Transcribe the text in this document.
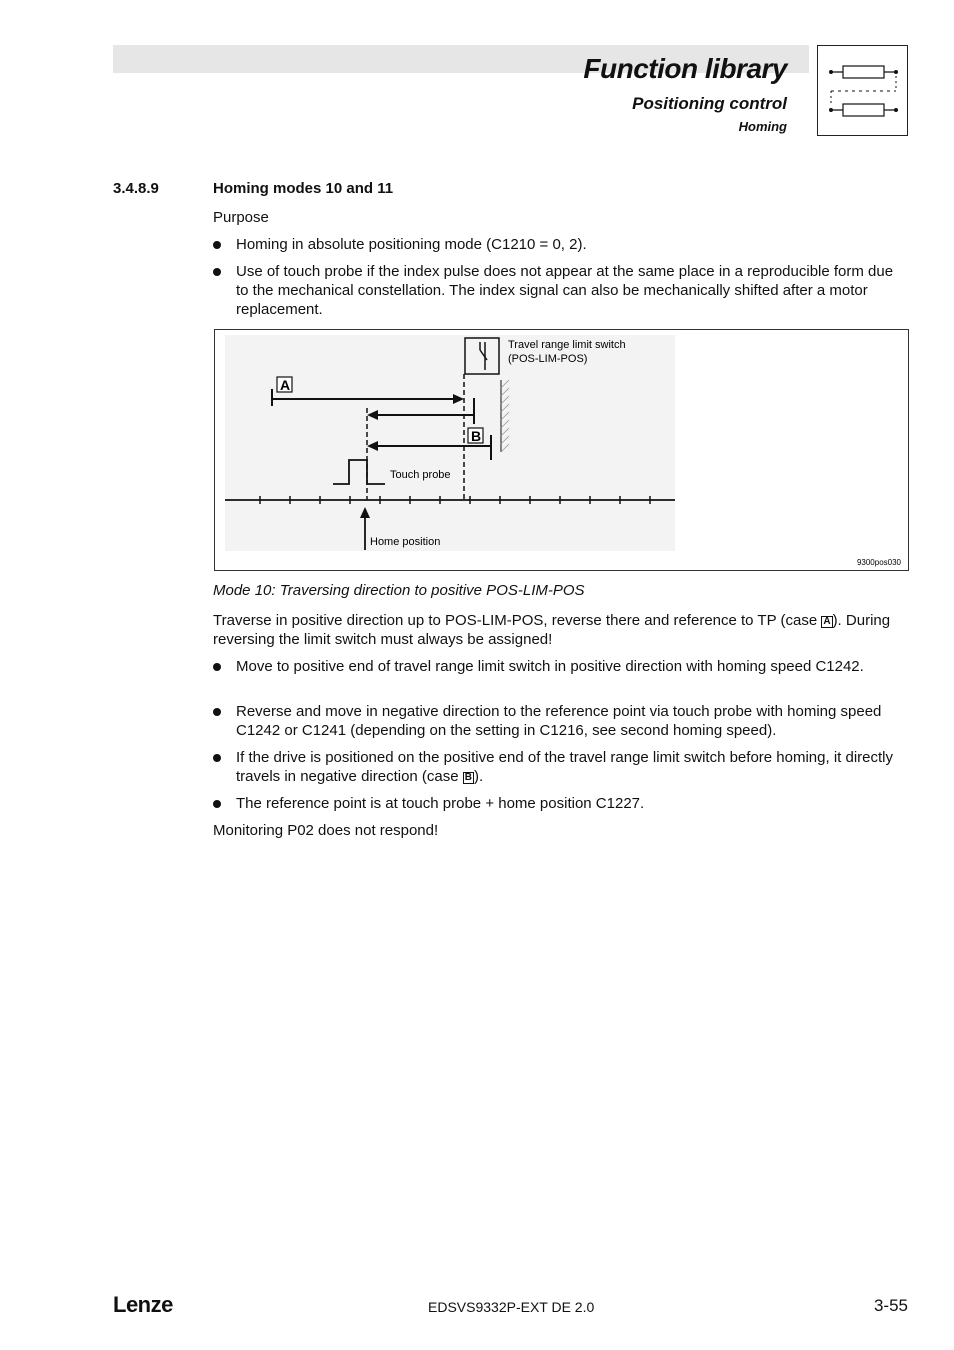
Function library
Positioning control
Homing
3.4.8.9	Homing modes 10 and 11
Purpose
Homing in absolute positioning mode (C1210 = 0, 2).
Use of touch probe if the index pulse does not appear at the same place in a reproducible form due to the mechanical constellation. The index signal can also be mechanically shifted after a motor replacement.
A
B
Touch probe
Home position
Travel range limit switch
(POS-LIM-POS)
9300pos030
Mode 10: Traversing direction to positive POS-LIM-POS
Traverse in positive direction up to POS-LIM-POS, reverse there and reference to TP (case A ). During reversing the limit switch must always be assigned!
Move to positive end of travel range limit switch in positive direction with homing speed C1242.
Reverse and move in negative direction to the reference point via touch probe with homing speed C1242 or C1241 (depending on the setting in C1216, see second homing speed).
If the drive is positioned on the positive end of the travel range limit switch before homing, it directly travels in negative direction (case B ).
The reference point is at touch probe + home position C1227.
Monitoring P02 does not respond!
Lenze	EDSVS9332P-EXT DE 2.0	3-55
